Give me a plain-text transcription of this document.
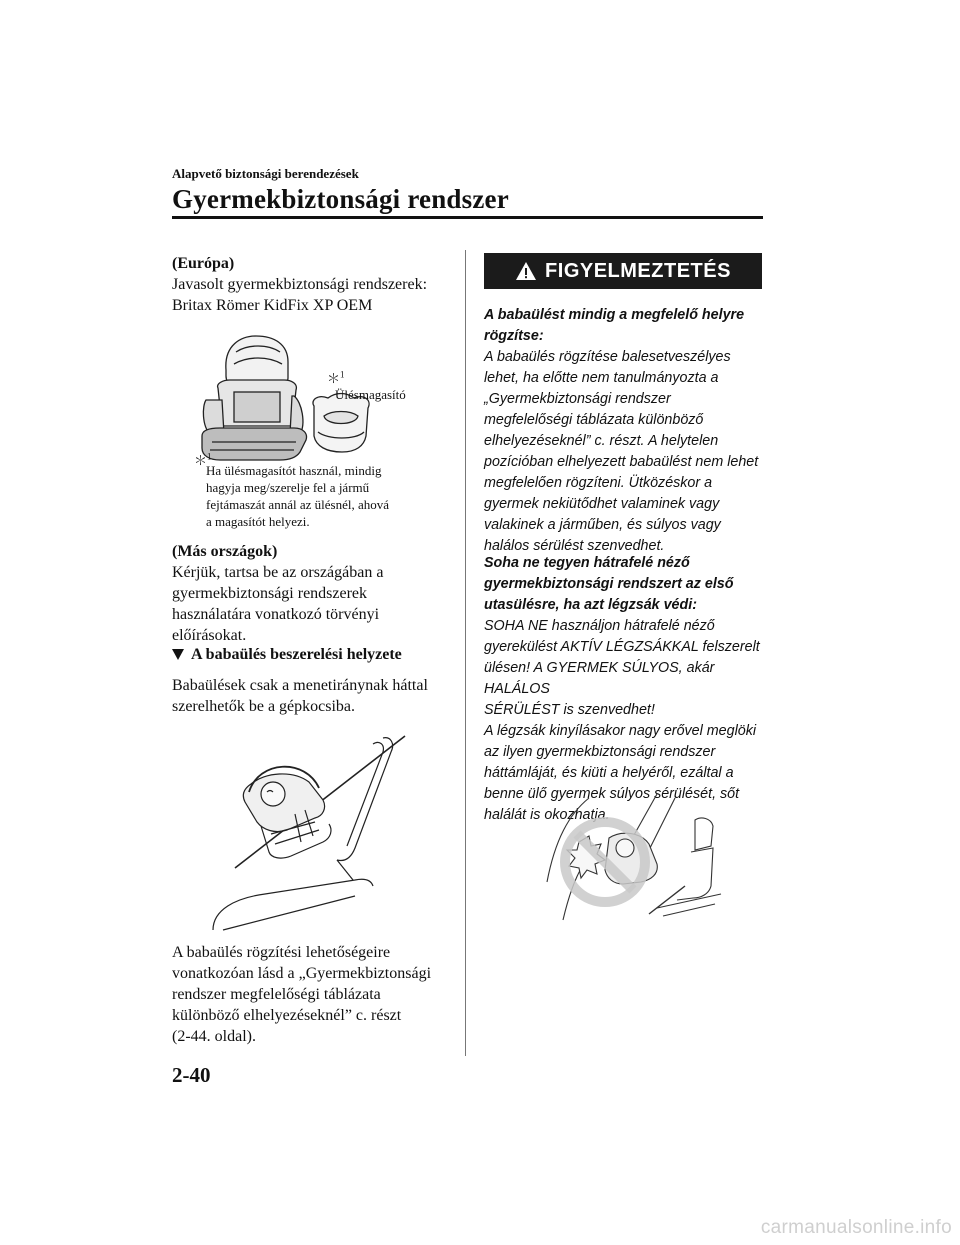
Alapvető biztonsági berendezések
Gyermekbiztonsági rendszer

(Európa)

Javasolt gyermekbiztonsági rendszerek:

Britax Römer KidFix XP OEM

＊$^1$
Ülésmagasító
＊$^1$
Ha ülésmagasítót használ, mindig
hagyja meg/szerelje fel a jármű
fejtámaszát annál az ülésnél, ahová
a magasítót helyezi.

(Más országok)

Kérjük, tartsa be az országában a

gyermekbiztonsági rendszerek

használatára vonatkozó törvényi

előírásokat.

A babaülés beszerelési helyzete

Babaülések csak a menetiránynak háttal

szerelhetők be a gépkocsiba.

A babaülés rögzítési lehetőségeire

vonatkozóan lásd a „Gyermekbiztonsági

rendszer megfelelőségi táblázata

különböző elhelyezéseknél” c. részt

(2-44. oldal).

FIGYELMEZTETÉS
A babaülést mindig a megfelelő helyre
rögzítse:
A babaülés rögzítése balesetveszélyes
lehet, ha előtte nem tanulmányozta a
„Gyermekbiztonsági rendszer
megfelelőségi táblázata különböző
elhelyezéseknél” c. részt. A helytelen
pozícióban elhelyezett babaülést nem lehet
megfelelően rögzíteni. Ütközéskor a
gyermek nekiütődhet valaminek vagy
valakinek a járműben, és súlyos vagy
halálos sérülést szenvedhet.
Soha ne tegyen hátrafelé néző
gyermekbiztonsági rendszert az első
utasülésre, ha azt légzsák védi:
SOHA NE használjon hátrafelé néző
gyerekülést AKTÍV LÉGZSÁKKAL felszerelt
ülésen! A GYERMEK SÚLYOS, akár HALÁLOS
SÉRÜLÉST is szenvedhet!
A légzsák kinyílásakor nagy erővel meglöki
az ilyen gyermekbiztonsági rendszer
háttámláját, és kiüti a helyéről, ezáltal a
benne ülő gyermek súlyos sérülését, sőt
halálát is okozhatja.
2-40
carmanualsonline.info
